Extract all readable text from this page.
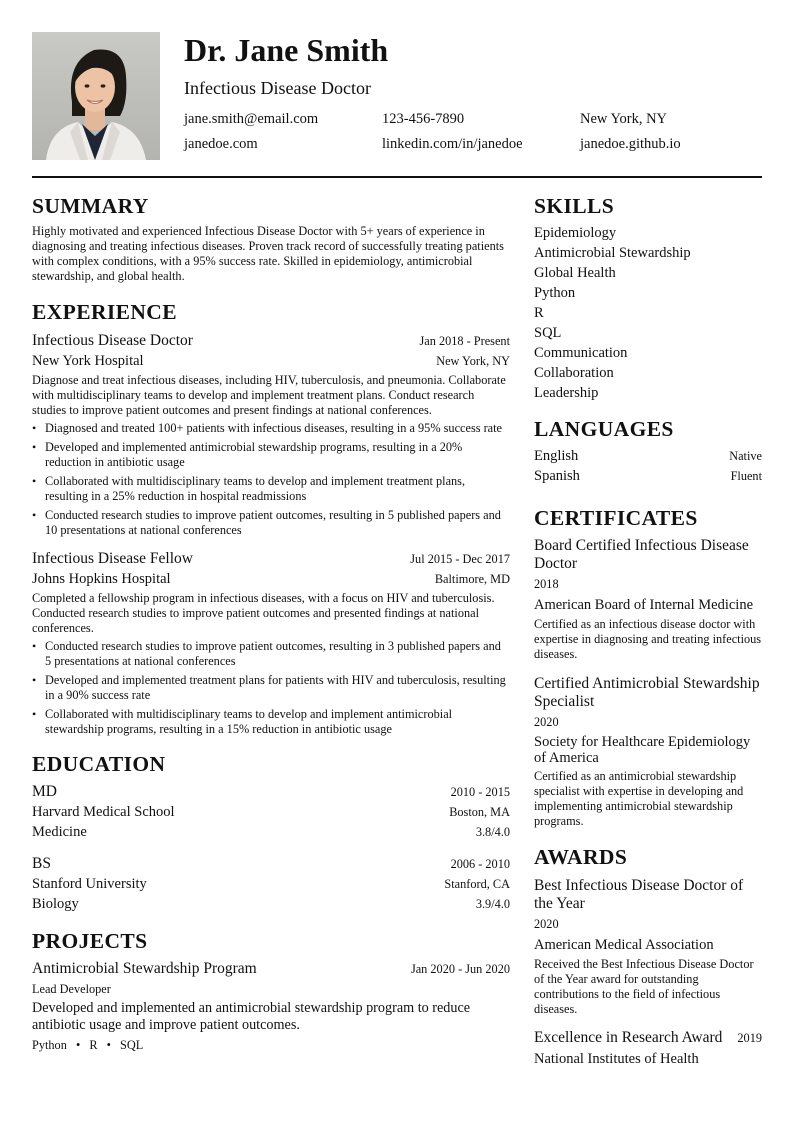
Dr. Jane Smith
Infectious Disease Doctor
jane.smith@email.com	123-456-7890	New York, NY
janedoe.com	linkedin.com/in/janedoe	janedoe.github.io
SUMMARY
Highly motivated and experienced Infectious Disease Doctor with 5+ years of experience in diagnosing and treating infectious diseases. Proven track record of successfully treating patients with complex conditions, with a 95% success rate. Skilled in epidemiology, antimicrobial stewardship, and global health.
EXPERIENCE
Infectious Disease Doctor	Jan 2018 - Present
New York Hospital	New York, NY
Diagnose and treat infectious diseases, including HIV, tuberculosis, and pneumonia. Collaborate with multidisciplinary teams to develop and implement treatment plans. Conduct research studies to improve patient outcomes and present findings at national conferences.
• Diagnosed and treated 100+ patients with infectious diseases, resulting in a 95% success rate
• Developed and implemented antimicrobial stewardship programs, resulting in a 20% reduction in antibiotic usage
• Collaborated with multidisciplinary teams to develop and implement treatment plans, resulting in a 25% reduction in hospital readmissions
• Conducted research studies to improve patient outcomes, resulting in 5 published papers and 10 presentations at national conferences
Infectious Disease Fellow	Jul 2015 - Dec 2017
Johns Hopkins Hospital	Baltimore, MD
Completed a fellowship program in infectious diseases, with a focus on HIV and tuberculosis. Conducted research studies to improve patient outcomes and presented findings at national conferences.
• Conducted research studies to improve patient outcomes, resulting in 3 published papers and 5 presentations at national conferences
• Developed and implemented treatment plans for patients with HIV and tuberculosis, resulting in a 90% success rate
• Collaborated with multidisciplinary teams to develop and implement antimicrobial stewardship programs, resulting in a 15% reduction in antibiotic usage
EDUCATION
MD	2010 - 2015
Harvard Medical School	Boston, MA
Medicine	3.8/4.0
BS	2006 - 2010
Stanford University	Stanford, CA
Biology	3.9/4.0
PROJECTS
Antimicrobial Stewardship Program	Jan 2020 - Jun 2020
Lead Developer
Developed and implemented an antimicrobial stewardship program to reduce antibiotic usage and improve patient outcomes.
Python • R • SQL
SKILLS
Epidemiology
Antimicrobial Stewardship
Global Health
Python
R
SQL
Communication
Collaboration
Leadership
LANGUAGES
English	Native
Spanish	Fluent
CERTIFICATES
Board Certified Infectious Disease Doctor
2018
American Board of Internal Medicine
Certified as an infectious disease doctor with expertise in diagnosing and treating infectious diseases.
Certified Antimicrobial Stewardship Specialist
2020
Society for Healthcare Epidemiology of America
Certified as an antimicrobial stewardship specialist with expertise in developing and implementing antimicrobial stewardship programs.
AWARDS
Best Infectious Disease Doctor of the Year
2020
American Medical Association
Received the Best Infectious Disease Doctor of the Year award for outstanding contributions to the field of infectious diseases.
Excellence in Research Award 2019
National Institutes of Health
